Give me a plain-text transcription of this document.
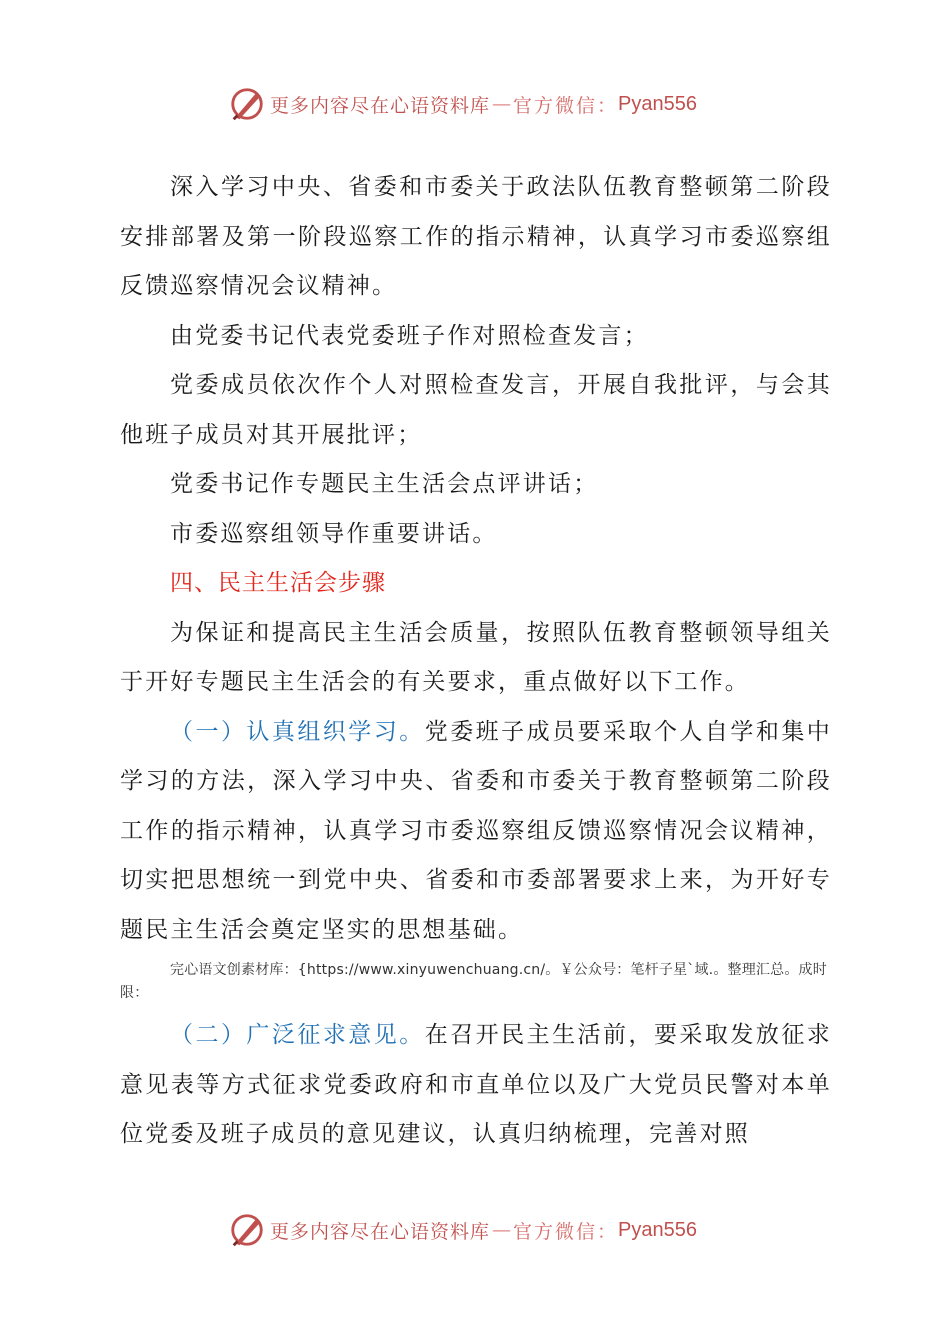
更多内容尽在心语资料库 — 官方微信： Pyan556

深入学习中央、省委和市委关于政法队伍教育整顿第二阶段安排部署及第一阶段巡察工作的指示精神，认真学习市委巡察组反馈巡察情况会议精神。

由党委书记代表党委班子作对照检查发言；

党委成员依次作个人对照检查发言，开展自我批评，与会其他班子成员对其开展批评；

党委书记作专题民主生活会点评讲话；

市委巡察组领导作重要讲话。

四、民主生活会步骤

为保证和提高民主生活会质量，按照队伍教育整顿领导组关于开好专题民主生活会的有关要求，重点做好以下工作。

（一）认真组织学习。党委班子成员要采取个人自学和集中学习的方法，深入学习中央、省委和市委关于教育整顿第二阶段工作的指示精神，认真学习市委巡察组反馈巡察情况会议精神，切实把思想统一到党中央、省委和市委部署要求上来，为开好专题民主生活会奠定坚实的思想基础。

完心语文创素材库：{https://www.xinyuwenchuang.cn/。￥公众号：笔杆子星`域.。整理汇总。成时限：

（二）广泛征求意见。在召开民主生活前，要采取发放征求意见表等方式征求党委政府和市直单位以及广大党员民警对本单位党委及班子成员的意见建议，认真归纳梳理，完善对照

更多内容尽在心语资料库 — 官方微信： Pyan556
